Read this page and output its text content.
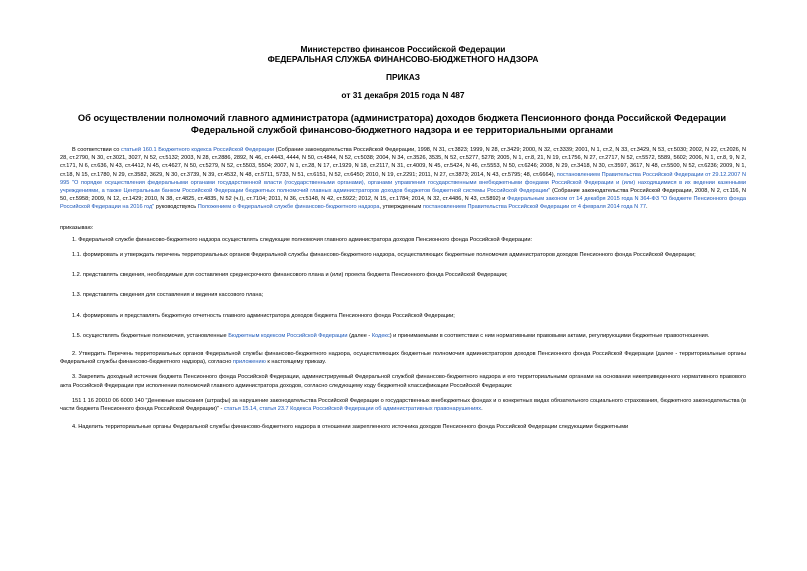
Министерство финансов Российской Федерации
ФЕДЕРАЛЬНАЯ СЛУЖБА ФИНАНСОВО-БЮДЖЕТНОГО НАДЗОРА
ПРИКАЗ
от 31 декабря 2015 года N 487
Об осуществлении полномочий главного администратора (администратора) доходов бюджета Пенсионного фонда Российской Федерации Федеральной службой финансово-бюджетного надзора и ее территориальными органами

В соответствии со статьей 160.1 Бюджетного кодекса Российской Федерации (Собрание законодательства Российской Федерации, 1998, N 31, ст.3823; 1999, N 28, ст.3429; 2000, N 32, ст.3339; 2001, N 1, ст.2, N 33, ст.3429, N 53, ст.5030; 2002, N 22, ст.2026, N 28, ст.2790, N 30, ст.3021, 3027, N 52, ст.5132; 2003, N 28, ст.2886, 2892, N 46, ст.4443, 4444, N 50, ст.4844, N 52, ст.5038; 2004, N 34, ст.3526, 3535, N 52, ст.5277, 5278; 2005, N 1, ст.8, 21, N 19, ст.1756, N 27, ст.2717, N 52, ст.5572, 5589, 5602; 2006, N 1, ст.8, 9, N 2, ст.171, N 6, ст.636, N 43, ст.4412, N 45, ст.4627, N 50, ст.5279, N 52, ст.5503, 5504; 2007, N 1, ст.28, N 17, ст.1929, N 18, ст.2117, N 31, ст.4009, N 45, ст.5424, N 46, ст.5553, N 50, ст.6246; 2008, N 29, ст.3418, N 30, ст.3597, 3617, N 48, ст.5500, N 52, ст.6236; 2009, N 1, ст.18, N 15, ст.1780, N 29, ст.3582, 3629, N 30, ст.3739, N 39, ст.4532, N 48, ст.5711, 5733, N 51, ст.6151, N 52, ст.6450; 2010, N 19, ст.2291; 2011, N 27, ст.3873; 2014, N 43, ст.5795; 48, ст.6664), постановлением Правительства Российской Федерации от 29.12.2007 N 995 "О порядке осуществления федеральными органами государственной власти (государственными органами), органами управления государственными внебюджетными фондами Российской Федерации и (или) находящимися в их ведении казенными учреждениями, а также Центральным банком Российской Федерации бюджетных полномочий главных администраторов доходов бюджетов бюджетной системы Российской Федерации" (Собрание законодательства Российской Федерации, 2008, N 2, ст.116, N 50, ст.5958; 2009, N 12, ст.1429; 2010, N 38, ст.4825, ст.4835, N 52 (ч.I), ст.7104; 2011, N 36, ст.5148, N 42, ст.5922; 2012, N 15, ст.1784; 2014, N 32, ст.4486, N 43, ст.5892) и Федеральным законом от 14 декабря 2015 года N 364-ФЗ "О бюджете Пенсионного фонда Российской Федерации на 2016 год" руководствуясь Положением о Федеральной службе финансово-бюджетного надзора, утвержденным постановлением Правительства Российской Федерации от 4 февраля 2014 года N 77.

приказываю:

1. Федеральной службе финансово-бюджетного надзора осуществлять следующие полномочия главного администратора доходов Пенсионного фонда Российской Федерации:

1.1. формировать и утверждать перечень территориальных органов Федеральной службы финансово-бюджетного надзора, осуществляющих бюджетные полномочия администраторов доходов Пенсионного фонда Российской Федерации;

1.2. представлять сведения, необходимые для составления среднесрочного финансового плана и (или) проекта бюджета Пенсионного фонда Российской Федерации;

1.3. представлять сведения для составления и ведения кассового плана;

1.4. формировать и представлять бюджетную отчетность главного администратора доходов бюджета Пенсионного фонда Российской Федерации;

1.5. осуществлять бюджетные полномочия, установленные Бюджетным кодексом Российской Федерации (далее - Кодекс) и принимаемыми в соответствии с ним нормативными правовыми актами, регулирующими бюджетные правоотношения.

2. Утвердить Перечень территориальных органов Федеральной службы финансово-бюджетного надзора, осуществляющих бюджетные полномочия администраторов доходов Пенсионного фонда Российской Федерации (далее - территориальные органы Федеральной службы финансово-бюджетного надзора), согласно приложению к настоящему приказу.

3. Закрепить доходный источник бюджета Пенсионного фонда Российской Федерации, администрируемый Федеральной службой финансово-бюджетного надзора и его территориальными органами на основании никеприведенного нормативного правового акта Российской Федерации при исполнении полномочий главного администратора доходов, согласно следующему коду бюджетной классификации Российской Федерации:

151 1 16 20010 06 6000 140 "Денежные взыскания (штрафы) за нарушение законодательства Российской Федерации о государственных внебюджетных фондах и о конкретных видах обязательного социального страхования, бюджетного законодательства (в части бюджета Пенсионного фонда Российской Федерации)" - статья 15.14, статья 23.7 Кодекса Российской Федерации об административных правонарушениях.

4. Наделить территориальные органы Федеральной службы финансово-бюджетного надзора в отношении закрепленного источника доходов Пенсионного фонда Российской Федерации следующими бюджетными
